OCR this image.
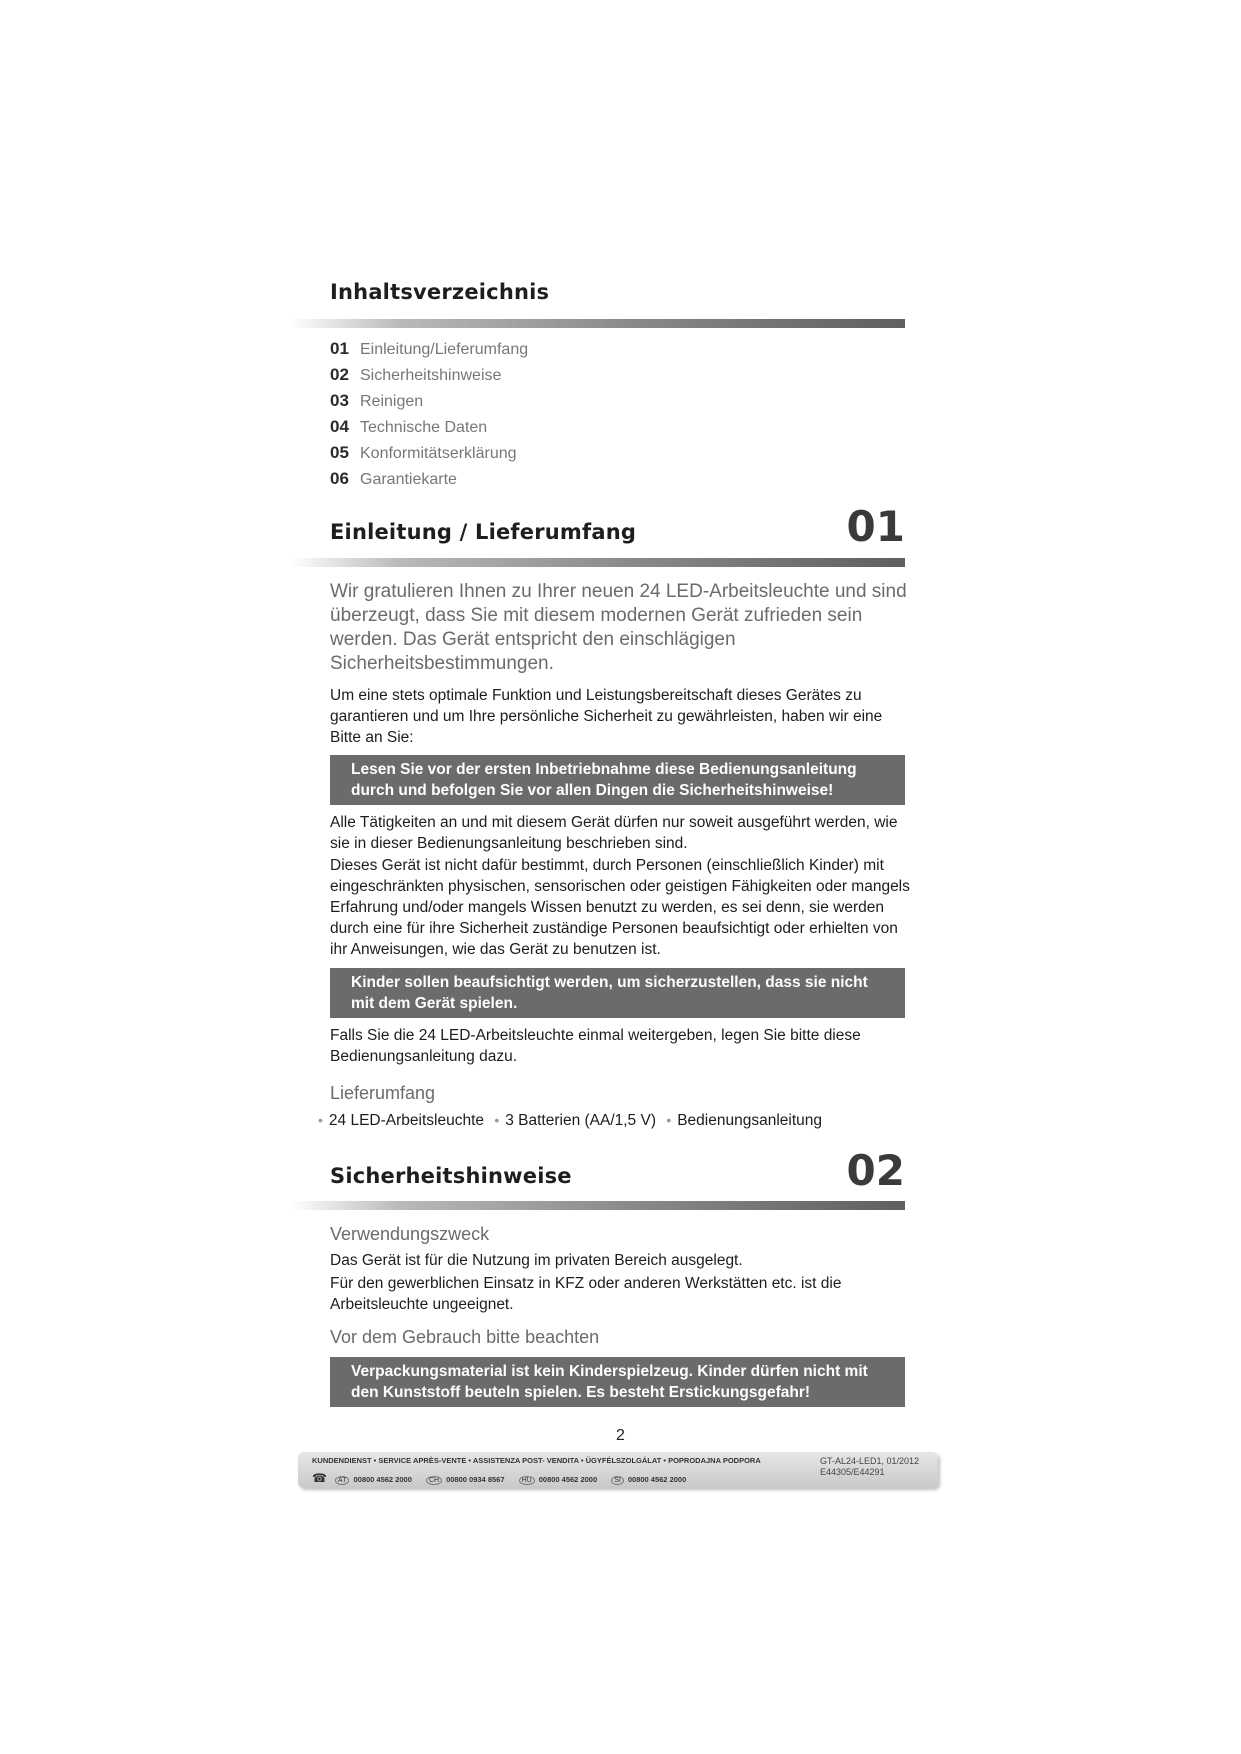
Inhaltsverzeichnis
01 Einleitung/Lieferumfang
02 Sicherheitshinweise
03 Reinigen
04 Technische Daten
05 Konformitätserklärung
06 Garantiekarte
Einleitung / Lieferumfang	01

Wir gratulieren Ihnen zu Ihrer neuen 24 LED-Arbeitsleuchte und sind überzeugt, dass Sie mit diesem modernen Gerät zufrieden sein werden. Das Gerät entspricht den einschlägigen Sicherheitsbestimmungen.

Um eine stets optimale Funktion und Leistungsbereitschaft dieses Gerätes zu garantieren und um Ihre persönliche Sicherheit zu gewährleisten, haben wir eine Bitte an Sie:

Lesen Sie vor der ersten Inbetriebnahme diese Bedienungsanleitung durch und befolgen Sie vor allen Dingen die Sicherheitshinweise!

Alle Tätigkeiten an und mit diesem Gerät dürfen nur soweit ausgeführt werden, wie sie in dieser Bedienungsanleitung beschrieben sind.

Dieses Gerät ist nicht dafür bestimmt, durch Personen (einschließlich Kinder) mit eingeschränkten physischen, sensorischen oder geistigen Fähigkeiten oder mangels Erfahrung und/oder mangels Wissen benutzt zu werden, es sei denn, sie werden durch eine für ihre Sicherheit zuständige Personen beaufsichtigt oder erhielten von ihr Anweisungen, wie das Gerät zu benutzen ist.

Kinder sollen beaufsichtigt werden, um sicherzustellen, dass sie nicht mit dem Gerät spielen.

Falls Sie die 24 LED-Arbeitsleuchte einmal weitergeben, legen Sie bitte diese Bedienungsanleitung dazu.

Lieferumfang

• 24 LED-Arbeitsleuchte • 3 Batterien (AA/1,5 V) • Bedienungsanleitung
Sicherheitshinweise	02

Verwendungszweck

Das Gerät ist für die Nutzung im privaten Bereich ausgelegt.

Für den gewerblichen Einsatz in KFZ oder anderen Werkstätten etc. ist die Arbeitsleuchte ungeeignet.

Vor dem Gebrauch bitte beachten

Verpackungsmaterial ist kein Kinderspielzeug. Kinder dürfen nicht mit den Kunststoff beuteln spielen. Es besteht Erstickungsgefahr!
2
KUNDENDIENST • SERVICE APRÈS-VENTE • ASSISTENZA POST- VENDITA • ÜGYFÉLSZOLGÁLAT • POPRODAJNA PODPORA
☎ AT 00800 4562 2000 CH 00800 0934 8567 HU 00800 4562 2000 SI 00800 4562 2000
GT-AL24-LED1, 01/2012
E44305/E44291
